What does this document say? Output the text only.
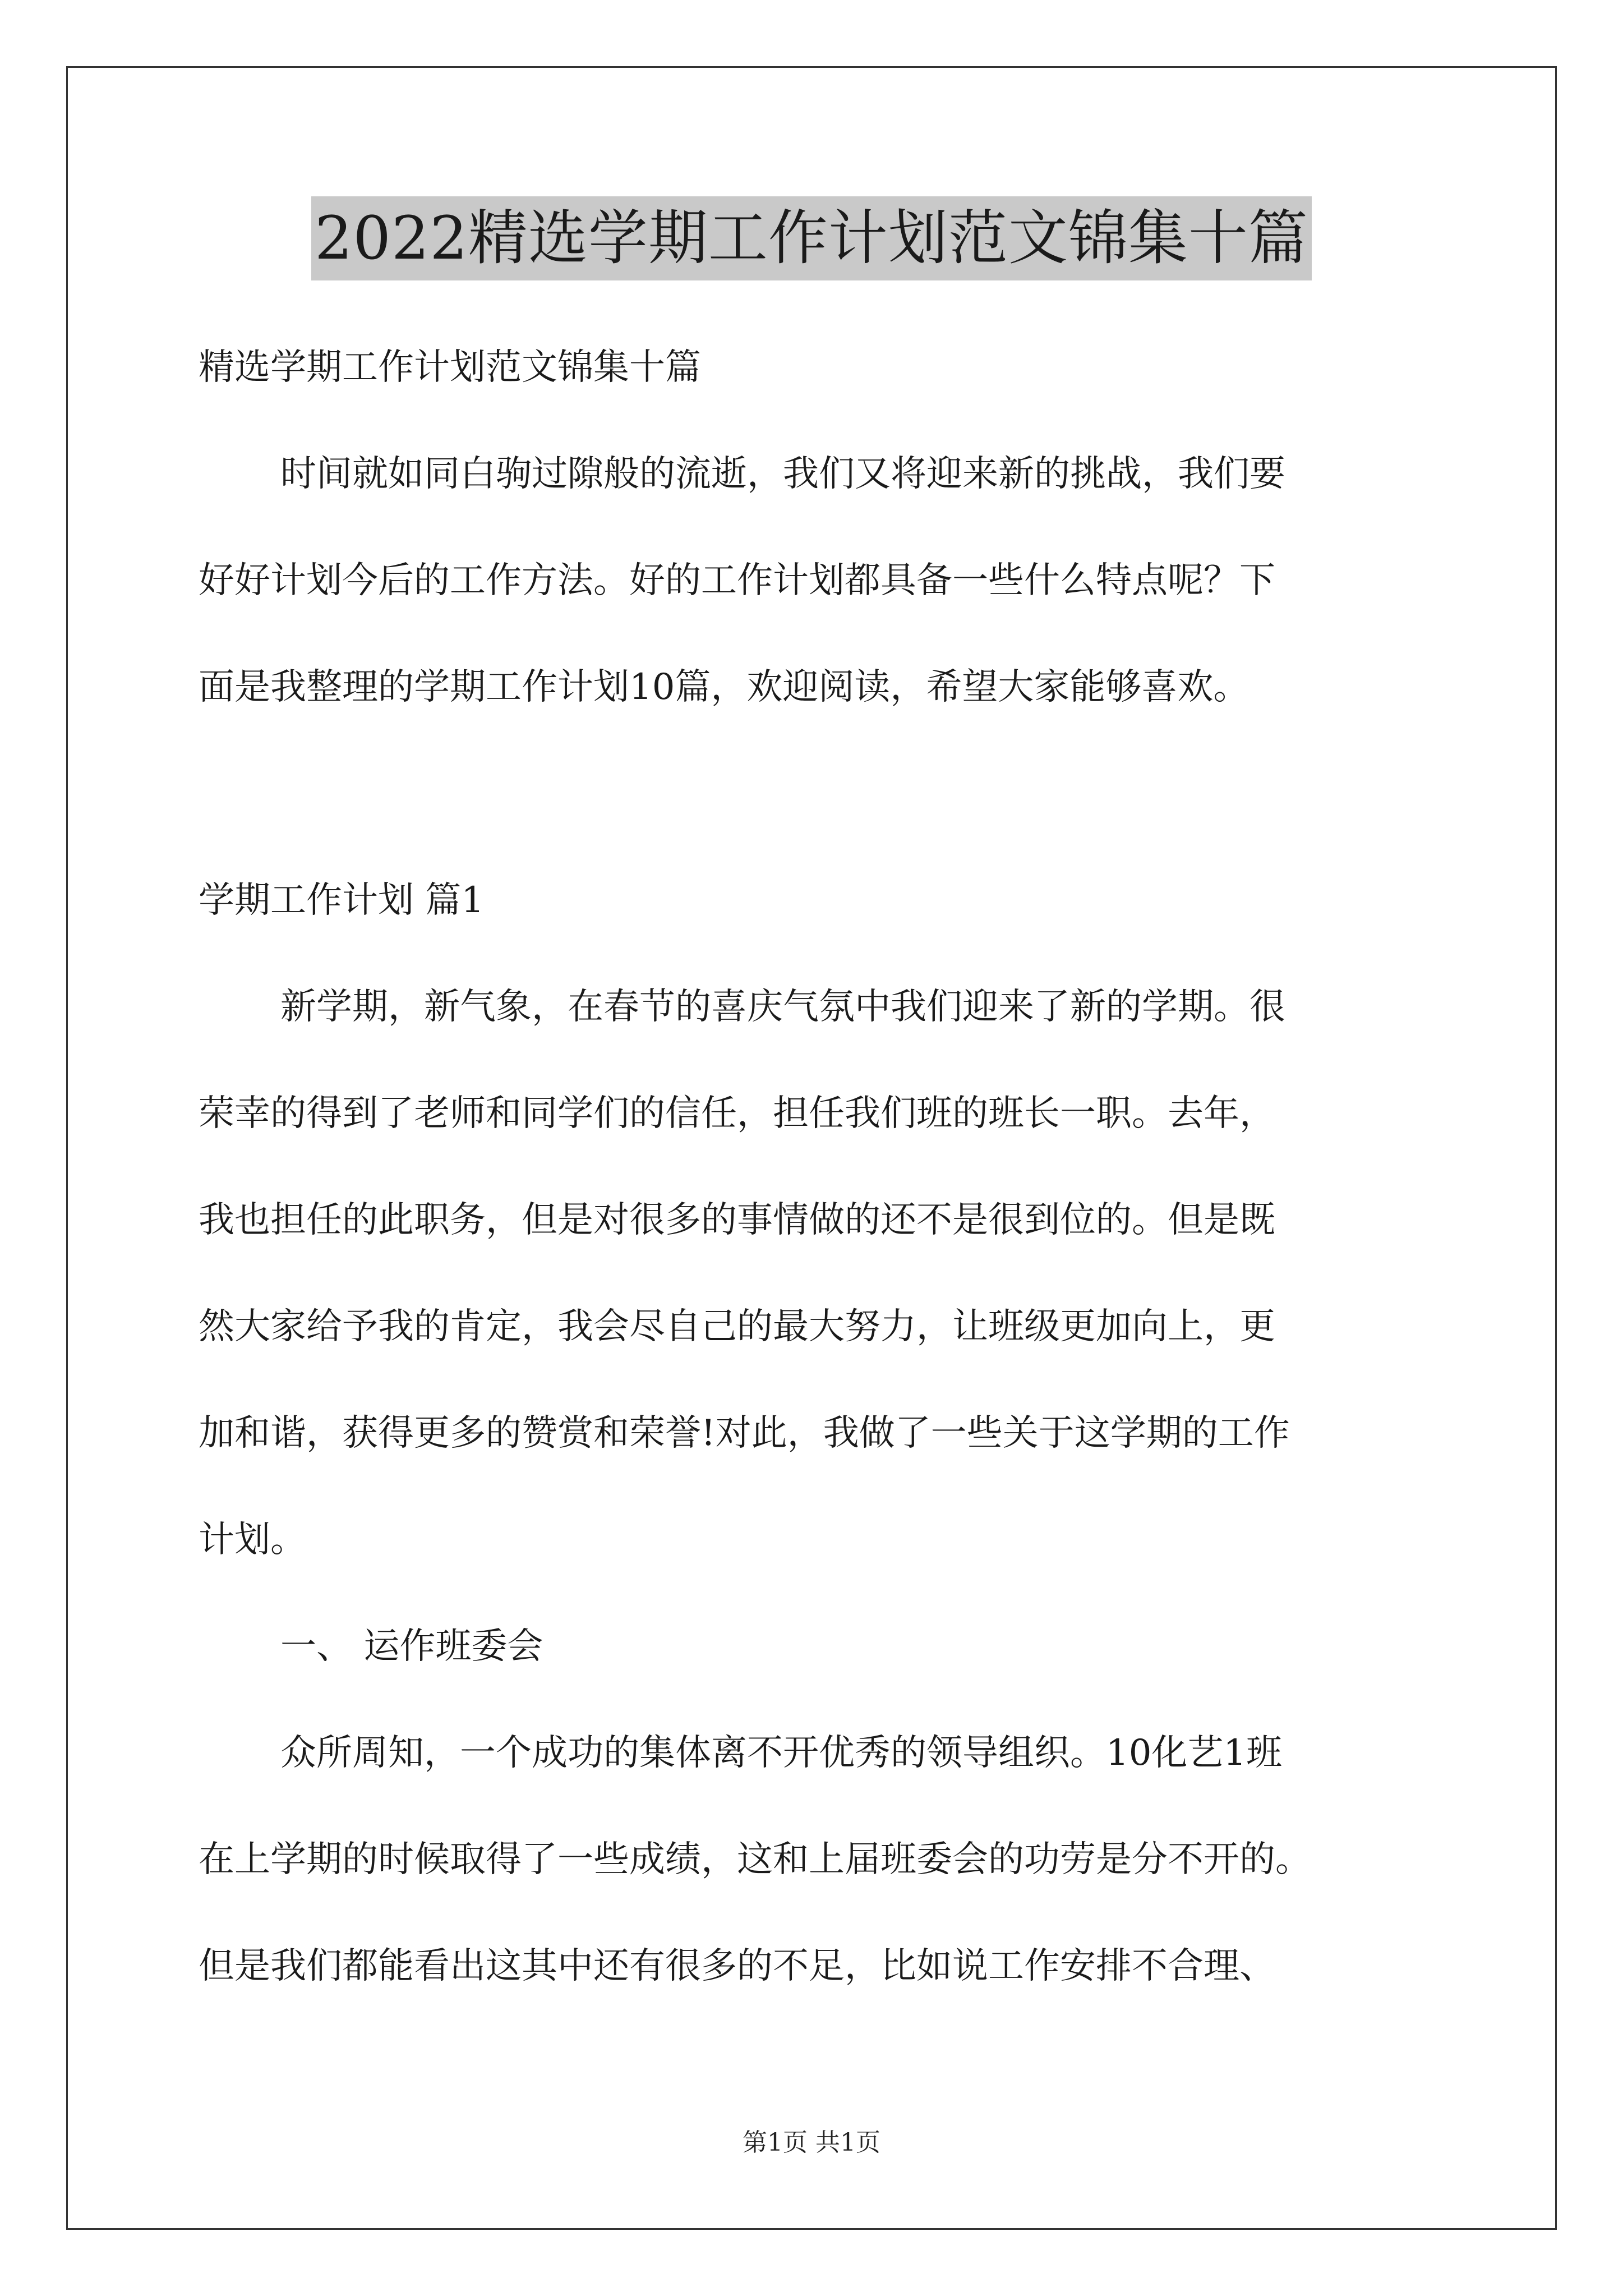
2022精选学期工作计划范文锦集十篇

精选学期工作计划范文锦集十篇

时间就如同白驹过隙般的流逝，我们又将迎来新的挑战，我们要

好好计划今后的工作方法。好的工作计划都具备一些什么特点呢？下

面是我整理的学期工作计划10篇，欢迎阅读，希望大家能够喜欢。

学期工作计划 篇1

新学期，新气象，在春节的喜庆气氛中我们迎来了新的学期。很

荣幸的得到了老师和同学们的信任，担任我们班的班长一职。去年，

我也担任的此职务，但是对很多的事情做的还不是很到位的。但是既

然大家给予我的肯定，我会尽自己的最大努力，让班级更加向上，更

加和谐，获得更多的赞赏和荣誉!对此，我做了一些关于这学期的工作

计划。

一、 运作班委会

众所周知，一个成功的集体离不开优秀的领导组织。10化艺1班

在上学期的时候取得了一些成绩，这和上届班委会的功劳是分不开的。

但是我们都能看出这其中还有很多的不足，比如说工作安排不合理、

第1页 共1页
